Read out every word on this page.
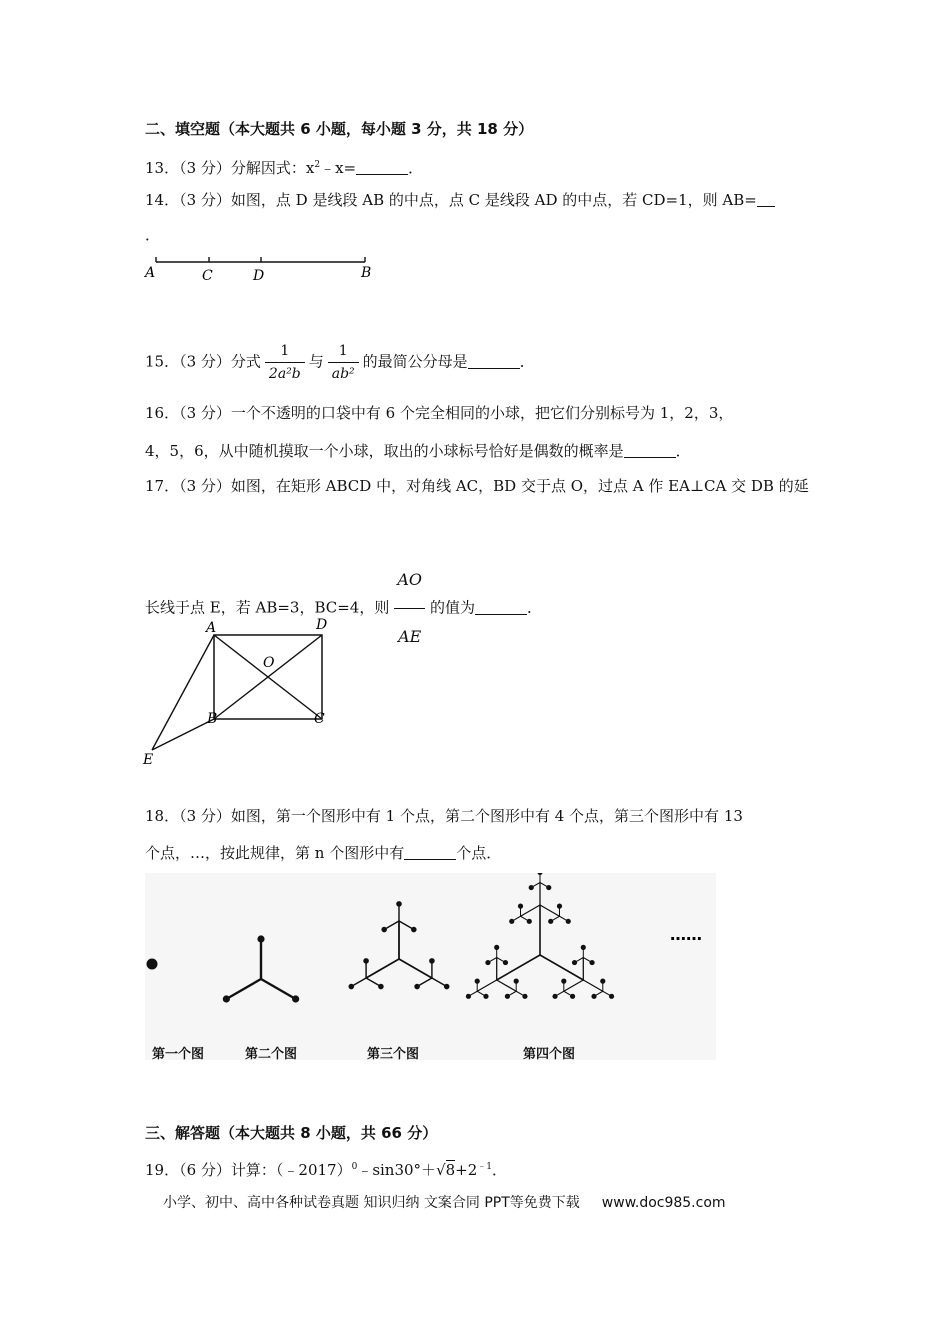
二、填空题（本大题共 6 小题，每小题 3 分，共 18 分）
13．（3 分）分解因式：$x^2﹣x=$	．
14．（3 分）如图，点 D 是线段 AB 的中点，点 C 是线段 AD 的中点，若 CD=1，则 AB=
．
A	C	D	B
15．（3 分）分式 $\frac{1}{\text{2a²b}}$ 与 $\frac{1}{\text{ab²}}$ 的最简公分母是	．
16．（3 分）一个不透明的口袋中有 6 个完全相同的小球，把它们分别标号为 1，2，3，
4，5，6，从中随机摸取一个小球，取出的小球标号恰好是偶数的概率是	．
17．（3 分）如图，在矩形 ABCD 中，对角线 AC，BD 交于点 O，过点 A 作 EA⊥CA 交 DB 的延
长线于点 E，若 AB=3，BC=4，则 $\frac{AO}{AE}$ 的值为	．
A	D
O
B	C
E
18．（3 分）如图，第一个图形中有 1 个点，第二个图形中有 4 个点，第三个图形中有 13
个点，…，按此规律，第 n 个图形中有	个点．
……
第一个图	第二个图	第三个图	第四个图
三、解答题（本大题共 8 小题，共 66 分）
19．（6 分）计算：$(﹣2017)^0﹣\sin 30^\circ+√8+2^{﹣1}$．
小学、初中、高中各种试卷真题 知识归纳 文案合同 PPT等免费下载 www.doc985.com
